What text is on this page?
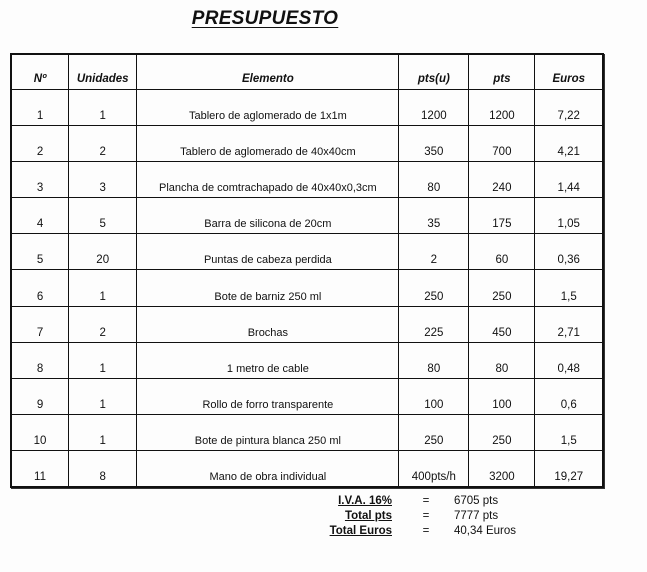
PRESUPUESTO
Nº	Unidades	Elemento	pts(u)	pts	Euros
1	1	Tablero de aglomerado de 1x1m	1200	1200	7,22
2	2	Tablero de aglomerado de 40x40cm	350	700	4,21
3	3	Plancha de comtrachapado de 40x40x0,3cm	80	240	1,44
4	5	Barra de silicona de 20cm	35	175	1,05
5	20	Puntas de cabeza perdida	2	60	0,36
6	1	Bote de barniz 250 ml	250	250	1,5
7	2	Brochas	225	450	2,71
8	1	1 metro de cable	80	80	0,48
9	1	Rollo de forro transparente	100	100	0,6
10	1	Bote de pintura blanca 250 ml	250	250	1,5
11	8	Mano de obra individual	400pts/h	3200	19,27
I.V.A. 16%	=	6705 pts
Total pts	=	7777 pts
Total Euros	=	40,34 Euros
